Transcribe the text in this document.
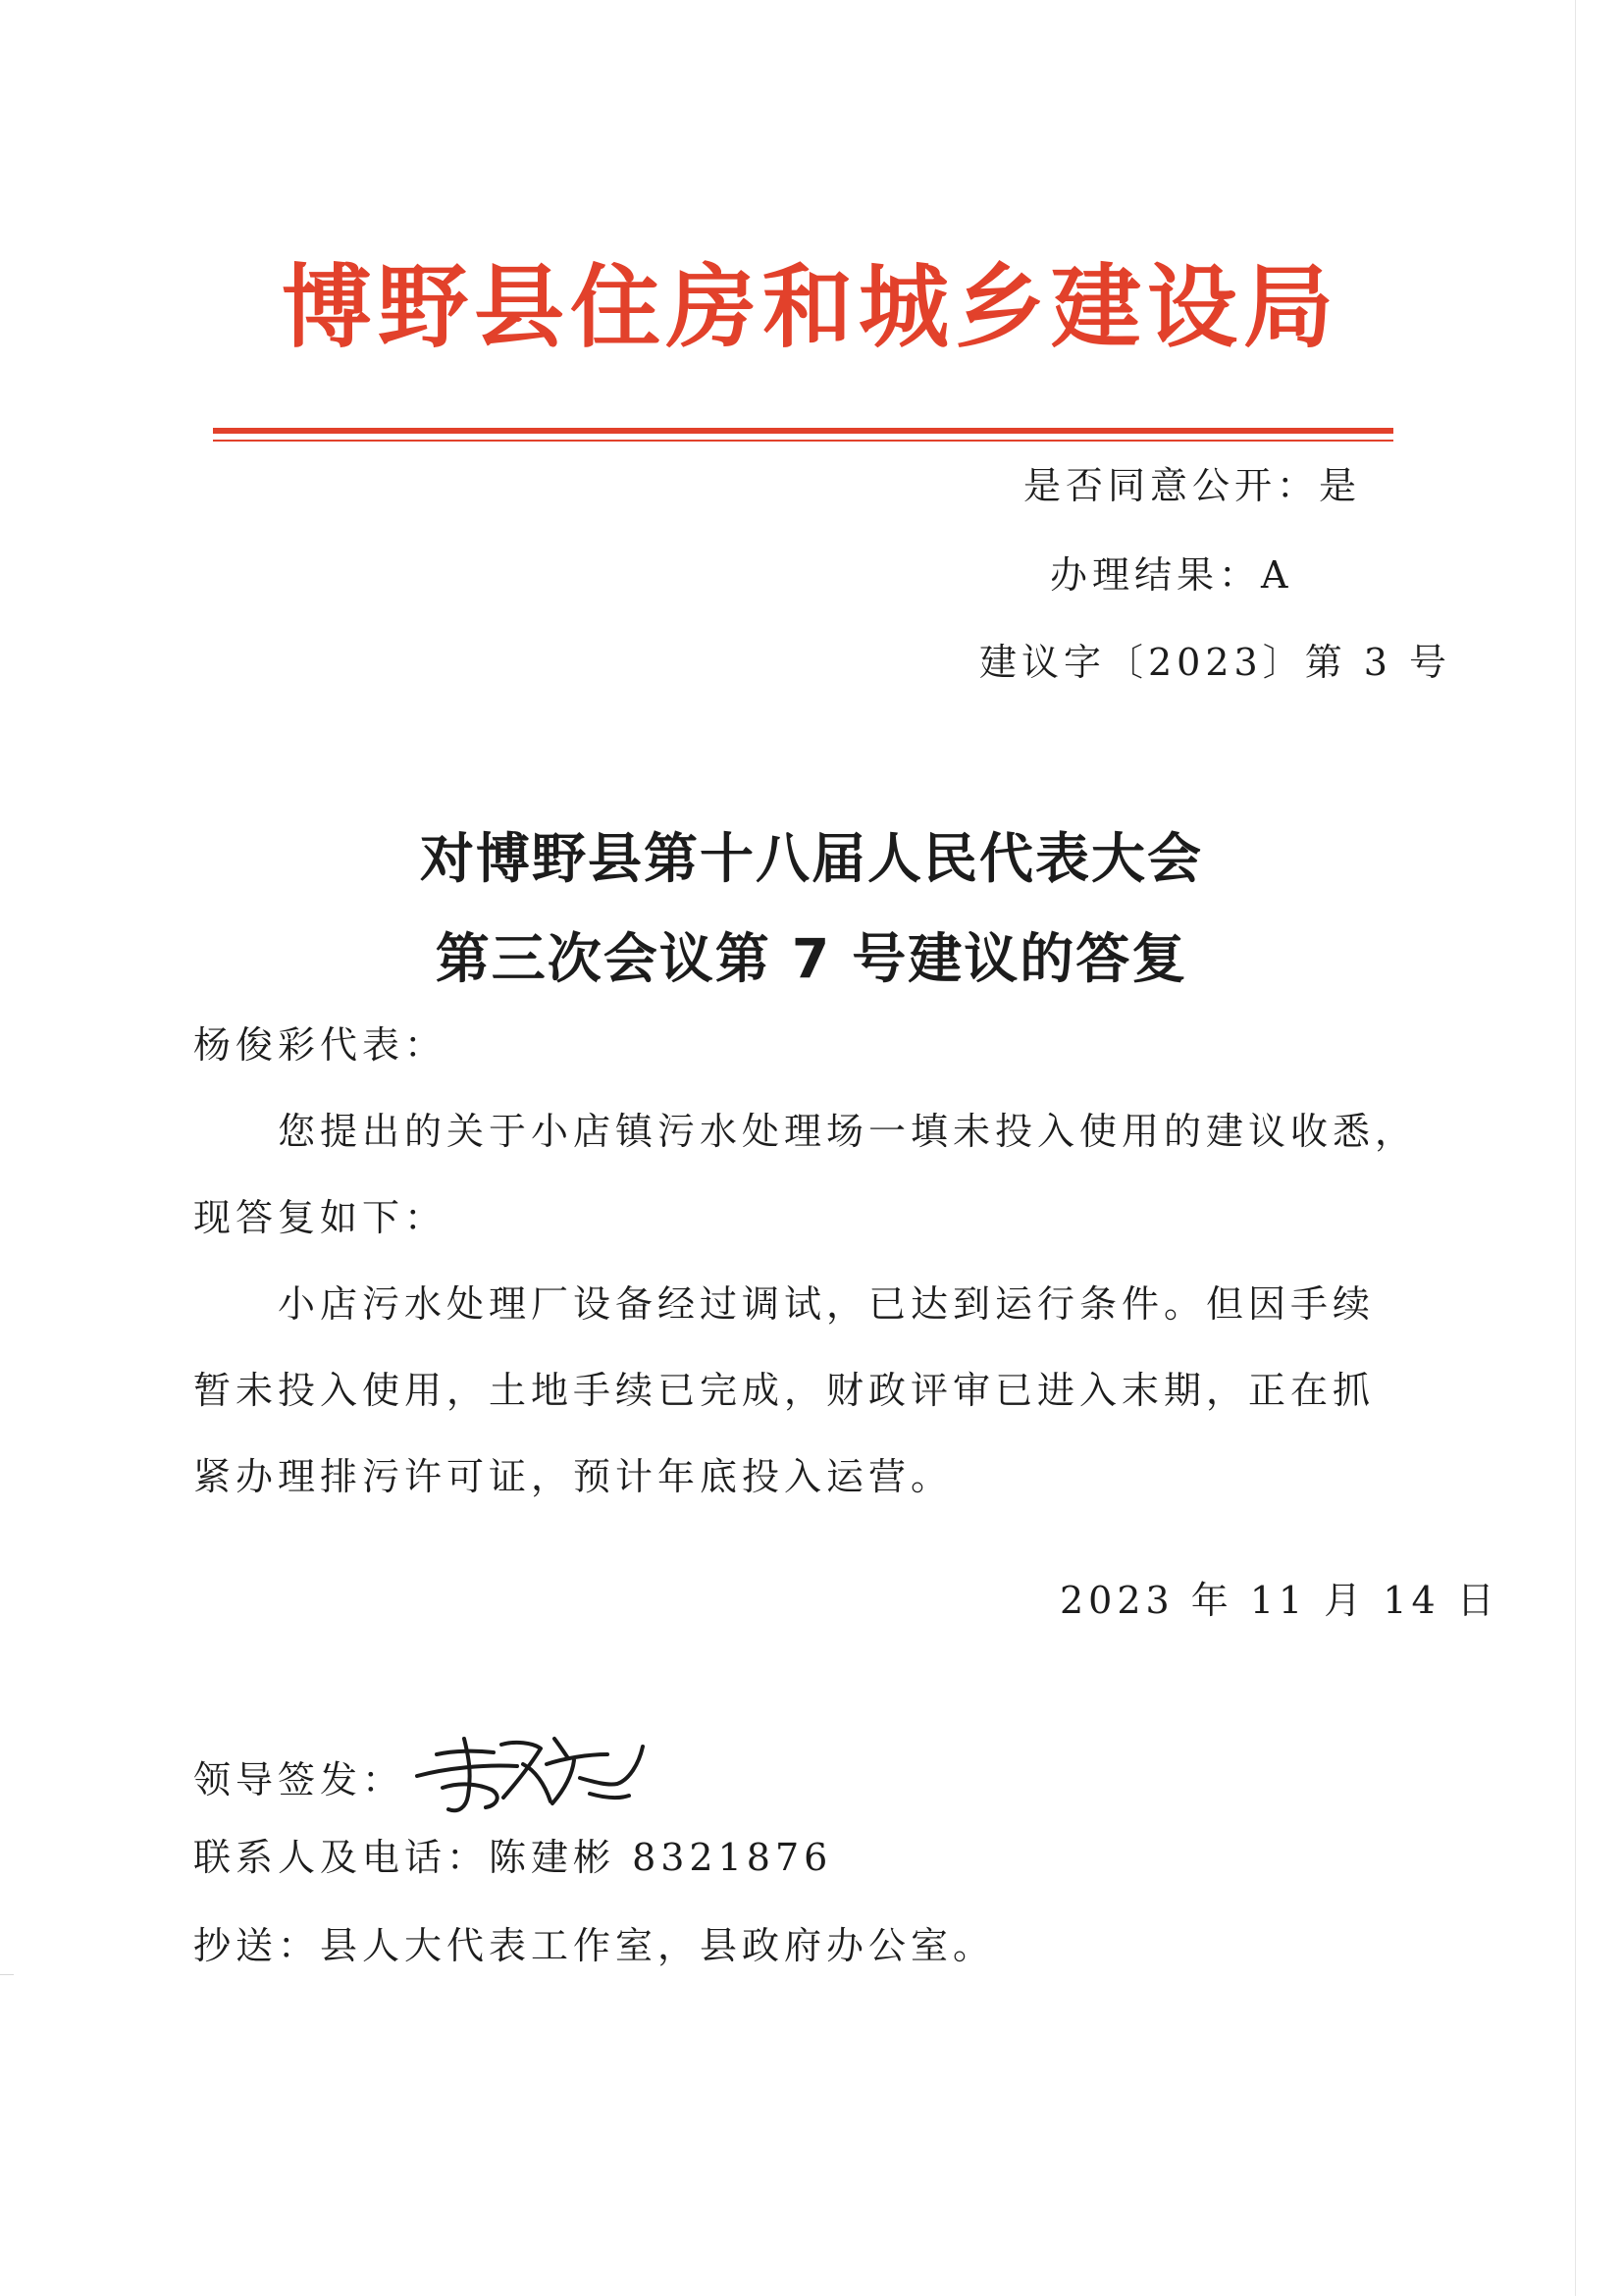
博野县住房和城乡建设局
是否同意公开：是
办理结果：A
建议字〔2023〕第 3 号
对博野县第十八届人民代表大会
第三次会议第 7 号建议的答复
杨俊彩代表：
您提出的关于小店镇污水处理场一填未投入使用的建议收悉，
现答复如下：
小店污水处理厂设备经过调试，已达到运行条件。但因手续
暂未投入使用，土地手续已完成，财政评审已进入末期，正在抓
紧办理排污许可证，预计年底投入运营。
2023 年 11 月 14 日
领导签发：
联系人及电话：陈建彬 8321876
抄送：县人大代表工作室，县政府办公室。
